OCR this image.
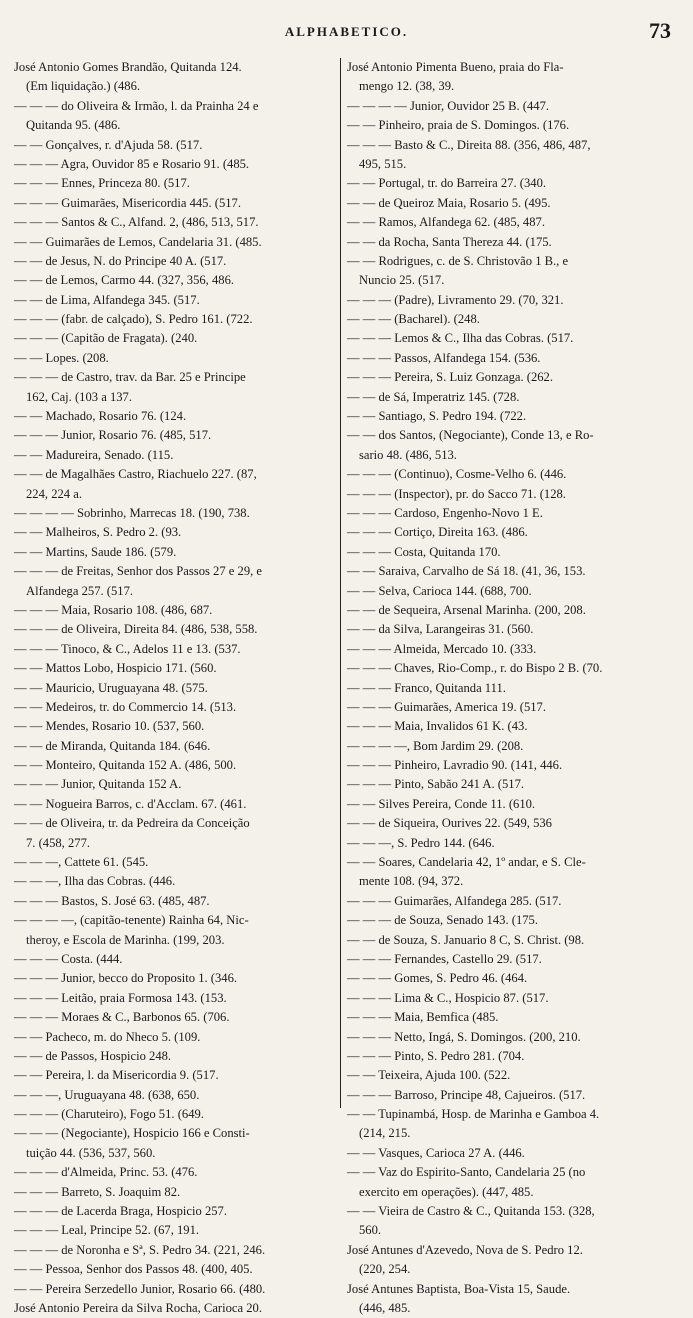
ALPHABETICO.	73
José Antonio Gomes Brandão, Quitanda 124.
(Em liquidação.) (486.
— — — do Oliveira & Irmão, l. da Prainha 24 e
Quitanda 95. (486.
— — Gonçalves, r. d'Ajuda 58. (517.
— — — Agra, Ouvidor 85 e Rosario 91. (485.
— — — Ennes, Princeza 80. (517.
— — — Guimarães, Misericordia 445. (517.
— — — Santos & C., Alfand. 2, (486, 513, 517.
— — Guimarães de Lemos, Candelaria 31. (485.
— — de Jesus, N. do Principe 40 A. (517.
— — de Lemos, Carmo 44. (327, 356, 486.
— — de Lima, Alfandega 345. (517.
— — — (fabr. de calçado), S. Pedro 161. (722.
— — — (Capitão de Fragata). (240.
— — Lopes. (208.
— — — de Castro, trav. da Bar. 25 e Principe
162, Caj. (103 a 137.
— — Machado, Rosario 76. (124.
— — — Junior, Rosario 76. (485, 517.
— — Madureira, Senado. (115.
— — de Magalhães Castro, Riachuelo 227. (87,
224, 224 a.
— — — — Sobrinho, Marrecas 18. (190, 738.
— — Malheiros, S. Pedro 2. (93.
— — Martins, Saude 186. (579.
— — — de Freitas, Senhor dos Passos 27 e 29, e
Alfandega 257. (517.
— — — Maia, Rosario 108. (486, 687.
— — — de Oliveira, Direita 84. (486, 538, 558.
— — — Tinoco, & C., Adelos 11 e 13. (537.
— — Mattos Lobo, Hospicio 171. (560.
— — Mauricio, Uruguayana 48. (575.
— — Medeiros, tr. do Commercio 14. (513.
— — Mendes, Rosario 10. (537, 560.
— — de Miranda, Quitanda 184. (646.
— — Monteiro, Quitanda 152 A. (486, 500.
— — — Junior, Quitanda 152 A.
— — Nogueira Barros, c. d'Acclam. 67. (461.
— — de Oliveira, tr. da Pedreira da Conceição
7. (458, 277.
— — —, Cattete 61. (545.
— — —, Ilha das Cobras. (446.
— — — Bastos, S. José 63. (485, 487.
— — — —, (capitão-tenente) Rainha 64, Nic-
theroy, e Escola de Marinha. (199, 203.
— — — Costa. (444.
— — — Junior, becco do Proposito 1. (346.
— — — Leitão, praia Formosa 143. (153.
— — — Moraes & C., Barbonos 65. (706.
— — Pacheco, m. do Nheco 5. (109.
— — de Passos, Hospicio 248.
— — Pereira, l. da Misericordia 9. (517.
— — —, Uruguayana 48. (638, 650.
— — — (Charuteiro), Fogo 51. (649.
— — — (Negociante), Hospicio 166 e Consti-
tuição 44. (536, 537, 560.
— — — d'Almeida, Princ. 53. (476.
— — — Barreto, S. Joaquim 82.
— — — de Lacerda Braga, Hospicio 257.
— — — Leal, Principe 52. (67, 191.
— — — de Noronha e Sª, S. Pedro 34. (221, 246.
— — Pessoa, Senhor dos Passos 48. (400, 405.
— — Pereira Serzedello Junior, Rosario 66. (480.
José Antonio Pereira da Silva Rocha, Carioca 20.
José Antonio Pimenta Bueno, praia do Fla-
mengo 12. (38, 39.
— — — — Junior, Ouvidor 25 B. (447.
— — Pinheiro, praia de S. Domingos. (176.
— — — Basto & C., Direita 88. (356, 486, 487,
495, 515.
— — Portugal, tr. do Barreira 27. (340.
— — de Queiroz Maia, Rosario 5. (495.
— — Ramos, Alfandega 62. (485, 487.
— — da Rocha, Santa Thereza 44. (175.
— — Rodrigues, c. de S. Christovão 1 B., e
Nuncio 25. (517.
— — — (Padre), Livramento 29. (70, 321.
— — — (Bacharel). (248.
— — — Lemos & C., Ilha das Cobras. (517.
— — — Passos, Alfandega 154. (536.
— — — Pereira, S. Luiz Gonzaga. (262.
— — de Sá, Imperatriz 145. (728.
— — Santiago, S. Pedro 194. (722.
— — dos Santos, (Negociante), Conde 13, e Ro-
sario 48. (486, 513.
— — — (Continuo), Cosme-Velho 6. (446.
— — — (Inspector), pr. do Sacco 71. (128.
— — — Cardoso, Engenho-Novo 1 E.
— — — Cortiço, Direita 163. (486.
— — — Costa, Quitanda 170.
— — Saraiva, Carvalho de Sá 18. (41, 36, 153.
— — Selva, Carioca 144. (688, 700.
— — de Sequeira, Arsenal Marinha. (200, 208.
— — da Silva, Larangeiras 31. (560.
— — — Almeida, Mercado 10. (333.
— — — Chaves, Rio-Comp., r. do Bispo 2 B. (70.
— — — Franco, Quitanda 111.
— — — Guimarães, America 19. (517.
— — — Maia, Invalidos 61 K. (43.
— — — —, Bom Jardim 29. (208.
— — — Pinheiro, Lavradio 90. (141, 446.
— — — Pinto, Sabão 241 A. (517.
— — Silves Pereira, Conde 11. (610.
— — de Siqueira, Ourives 22. (549, 536
— — —, S. Pedro 144. (646.
— — Soares, Candelaria 42, 1º andar, e S. Cle-
mente 108. (94, 372.
— — — Guimarães, Alfandega 285. (517.
— — — de Souza, Senado 143. (175.
— — de Souza, S. Januario 8 C, S. Christ. (98.
— — — Fernandes, Castello 29. (517.
— — — Gomes, S. Pedro 46. (464.
— — — Lima & C., Hospicio 87. (517.
— — — Maia, Bemfica (485.
— — — Netto, Ingá, S. Domingos. (200, 210.
— — — Pinto, S. Pedro 281. (704.
— — Teixeira, Ajuda 100. (522.
— — — Barroso, Principe 48, Cajueiros. (517.
— — Tupinambá, Hosp. de Marinha e Gamboa 4.
(214, 215.
— — Vasques, Carioca 27 A. (446.
— — Vaz do Espirito-Santo, Candelaria 25 (no
exercito em operações). (447, 485.
— — Vieira de Castro & C., Quitanda 153. (328,
560.
José Antunes d'Azevedo, Nova de S. Pedro 12.
(220, 254.
José Antunes Baptista, Boa-Vista 15, Saude.
(446, 485.
